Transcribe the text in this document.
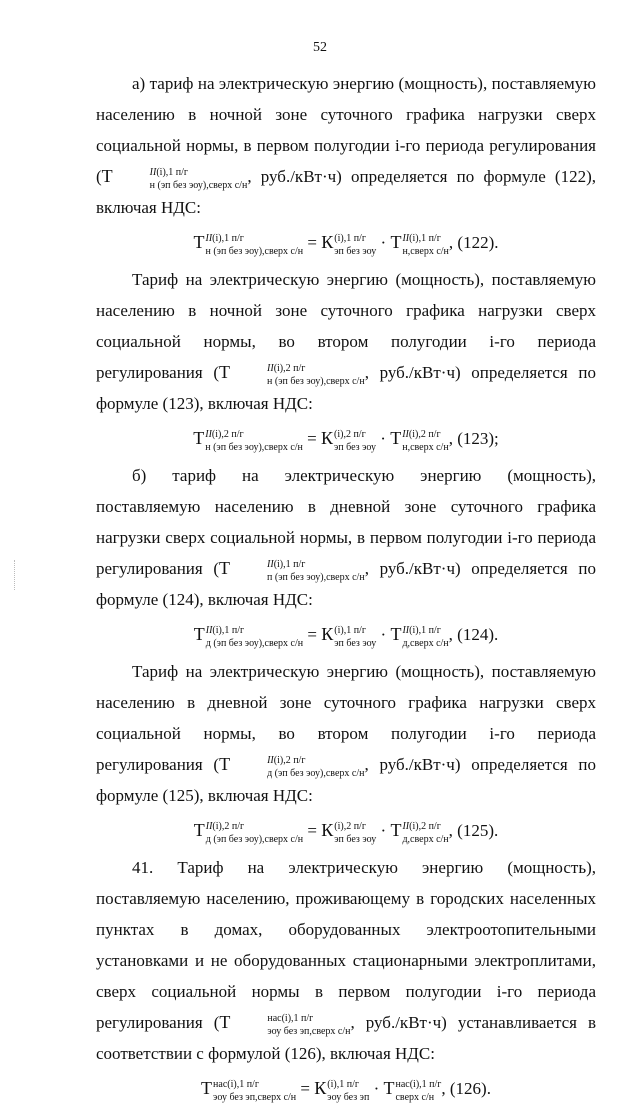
52

а) тариф на электрическую энергию (мощность), поставляемую населению в ночной зоне суточного графика нагрузки сверх социальной нормы, в первом полугодии i-го периода регулирования (Т	II(i),1 п/г
н (эп без эоу),сверх с/н , руб./кВт·ч) определяется по формуле (122), включая НДС:

Т II(i),1 п/г
н (эп без эоу),сверх с/н = К (i),1 п/г
эп без эоу · Т II(i),1 п/г
н,сверх с/н , (122).

Тариф на электрическую энергию (мощность), поставляемую населению в ночной зоне суточного графика нагрузки сверх социальной нормы, во втором полугодии i-го периода регулирования (Т	II(i),2 п/г
н (эп без эоу),сверх с/н , руб./кВт·ч) определяется по формуле (123), включая НДС:

Т II(i),2 п/г
н (эп без эоу),сверх с/н = К (i),2 п/г
эп без эоу · Т II(i),2 п/г
н,сверх с/н , (123);

б) тариф на электрическую энергию (мощность), поставляемую населению в дневной зоне суточного графика нагрузки сверх социальной нормы, в первом полугодии i-го периода регулирования (Т	II(i),1 п/г
п (эп без эоу),сверх с/н , руб./кВт·ч) определяется по формуле (124), включая НДС:

Т II(i),1 п/г
д (эп без эоу),сверх с/н = К (i),1 п/г
эп без эоу · Т II(i),1 п/г
д,сверх с/н , (124).

Тариф на электрическую энергию (мощность), поставляемую населению в дневной зоне суточного графика нагрузки сверх социальной нормы, во втором полугодии i-го периода регулирования (Т	II(i),2 п/г
д (эп без эоу),сверх с/н , руб./кВт·ч) определяется по формуле (125), включая НДС:

Т II(i),2 п/г
д (эп без эоу),сверх с/н = К (i),2 п/г
эп без эоу · Т II(i),2 п/г
д,сверх с/н , (125).

41. Тариф на электрическую энергию (мощность), поставляемую населению, проживающему в городских населенных пунктах в домах, оборудованных электроотопительными установками и не оборудованных стационарными электроплитами, сверх социальной нормы в первом полугодии i-го периода регулирования (Т	нас(i),1 п/г
эоу без эп,сверх с/н , руб./кВт·ч) устанавливается в соответствии с формулой (126), включая НДС:

Т нас(i),1 п/г
эоу без эп,сверх с/н = К (i),1 п/г
эоу без эп · Т нас(i),1 п/г
сверх с/н , (126).
